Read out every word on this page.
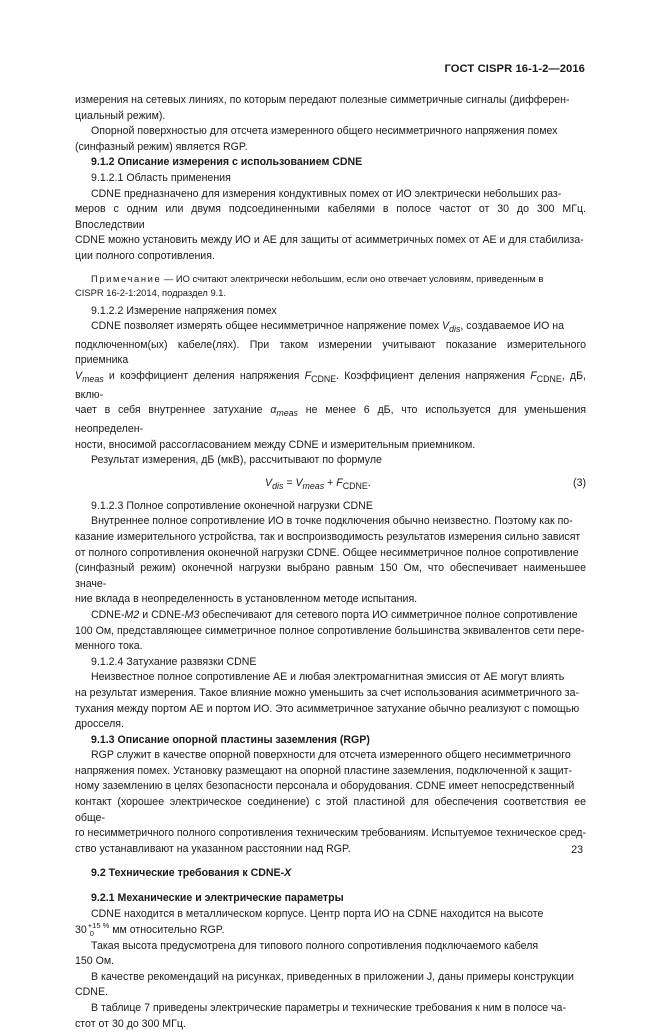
ГОСТ CISPR 16-1-2—2016

измерения на сетевых линиях, по которым передают полезные симметричные сигналы (дифферен-

циальный режим).

Опорной поверхностью для отсчета измеренного общего несимметричного напряжения помех

(синфазный режим) является RGP.

9.1.2 Описание измерения с использованием CDNE

9.1.2.1 Область применения

CDNE предназначено для измерения кондуктивных помех от ИО электрически небольших раз-

меров с одним или двумя подсоединенными кабелями в полосе частот от 30 до 300 МГц. Впоследствии

CDNE можно установить между ИО и АЕ для защиты от асимметричных помех от АЕ и для стабилиза-

ции полного сопротивления.

Примечание — ИО считают электрически небольшим, если оно отвечает условиям, приведенным в
CISPR 16-2-1:2014, подраздел 9.1.

9.1.2.2 Измерение напряжения помех

CDNE позволяет измерять общее несимметричное напряжение помех $V_{dis}$, создаваемое ИО на

подключенном(ых) кабеле(лях). При таком измерении учитывают показание измерительного приемника

$V_{meas}$ и коэффициент деления напряжения $F_{CDNE}$. Коэффициент деления напряжения $F_{CDNE}$, дБ, вклю-

чает в себя внутреннее затухание $\alpha_{meas}$ не менее 6 дБ, что используется для уменьшения неопределен-

ности, вносимой рассогласованием между CDNE и измерительным приемником.

Результат измерения, дБ (мкВ), рассчитывают по формуле

$V_{dis} = V_{meas} + F_{CDNE}$.	(3)

9.1.2.3 Полное сопротивление оконечной нагрузки CDNE

Внутреннее полное сопротивление ИО в точке подключения обычно неизвестно. Поэтому как по-

казание измерительного устройства, так и воспроизводимость результатов измерения сильно зависят

от полного сопротивления оконечной нагрузки CDNE. Общее несимметричное полное сопротивление

(синфазный режим) оконечной нагрузки выбрано равным 150 Ом, что обеспечивает наименьшее значе-

ние вклада в неопределенность в установленном методе испытания.

CDNE-M2 и CDNE-M3 обеспечивают для сетевого порта ИО симметричное полное сопротивление

100 Ом, представляющее симметричное полное сопротивление большинства эквивалентов сети пере-

менного тока.

9.1.2.4 Затухание развязки CDNE

Неизвестное полное сопротивление АЕ и любая электромагнитная эмиссия от АЕ могут влиять

на результат измерения. Такое влияние можно уменьшить за счет использования асимметричного за-

тухания между портом АЕ и портом ИО. Это асимметричное затухание обычно реализуют с помощью

дросселя.

9.1.3 Описание опорной пластины заземления (RGP)

RGP служит в качестве опорной поверхности для отсчета измеренного общего несимметричного

напряжения помех. Установку размещают на опорной пластине заземления, подключенной к защит-

ному заземлению в целях безопасности персонала и оборудования. CDNE имеет непосредственный

контакт (хорошее электрическое соединение) с этой пластиной для обеспечения соответствия ее обще-

го несимметричного полного сопротивления техническим требованиям. Испытуемое техническое сред-

ство устанавливают на указанном расстоянии над RGP.

9.2 Технические требования к CDNE-X

9.2.1 Механические и электрические параметры

CDNE находится в металлическом корпусе. Центр порта ИО на CDNE находится на высоте

30 +15 %
0	мм относительно RGP.

Такая высота предусмотрена для типового полного сопротивления подключаемого кабеля

150 Ом.

В качестве рекомендаций на рисунках, приведенных в приложении J, даны примеры конструкции

CDNE.

В таблице 7 приведены электрические параметры и технические требования к ним в полосе ча-

стот от 30 до 300 МГц.

23
